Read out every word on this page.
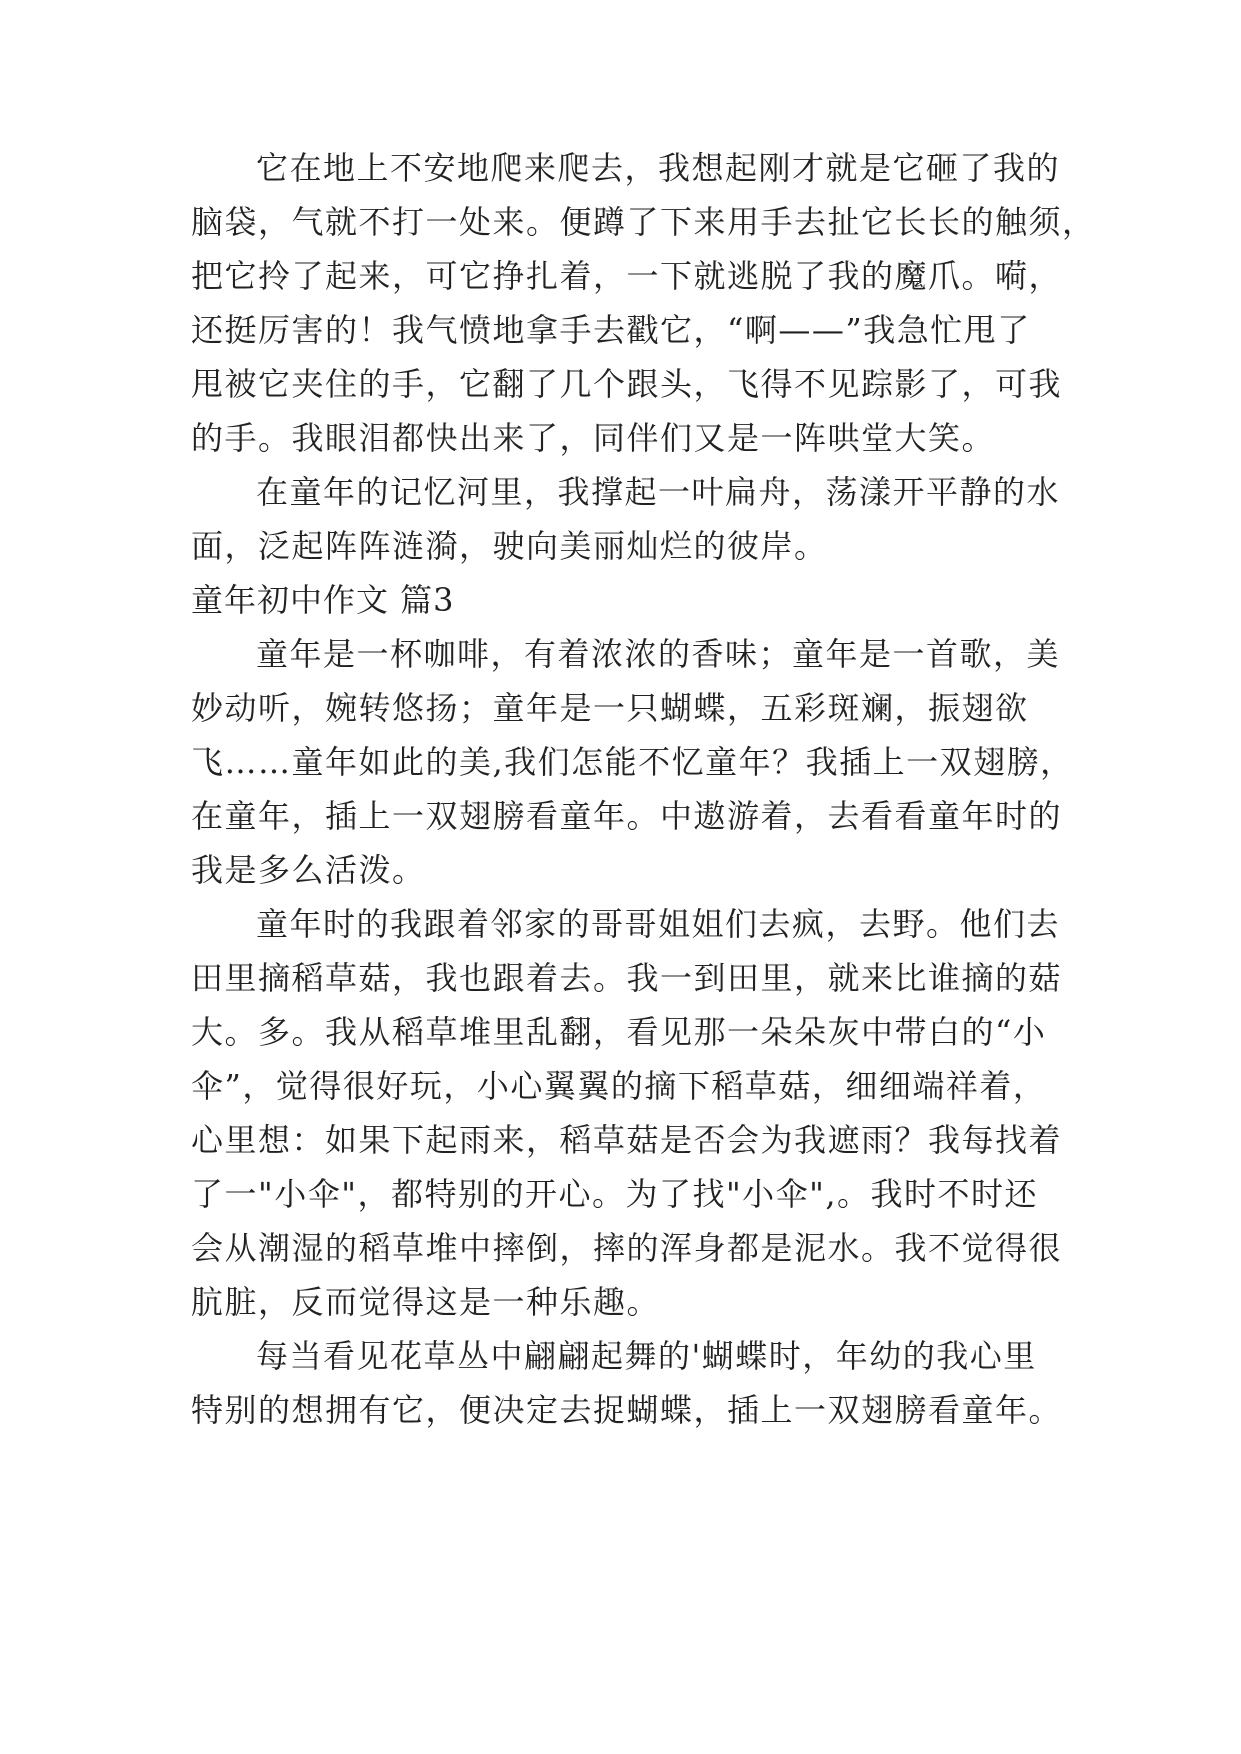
它在地上不安地爬来爬去，我想起刚才就是它砸了我的
脑袋，气就不打一处来。便蹲了下来用手去扯它长长的触须，
把它拎了起来，可它挣扎着，一下就逃脱了我的魔爪。嗬，
还挺厉害的！我气愤地拿手去戳它，“啊——”我急忙甩了
甩被它夹住的手，它翻了几个跟头，飞得不见踪影了，可我
的手。我眼泪都快出来了，同伴们又是一阵哄堂大笑。
在童年的记忆河里，我撑起一叶扁舟，荡漾开平静的水
面，泛起阵阵涟漪，驶向美丽灿烂的彼岸。
童年初中作文 篇3
童年是一杯咖啡，有着浓浓的香味；童年是一首歌，美
妙动听，婉转悠扬；童年是一只蝴蝶，五彩斑斓，振翅欲
飞……童年如此的美,我们怎能不忆童年？我插上一双翅膀，
在童年，插上一双翅膀看童年。中遨游着，去看看童年时的
我是多么活泼。
童年时的我跟着邻家的哥哥姐姐们去疯，去野。他们去
田里摘稻草菇，我也跟着去。我一到田里，就来比谁摘的菇
大。多。我从稻草堆里乱翻，看见那一朵朵灰中带白的“小
伞”，觉得很好玩，小心翼翼的摘下稻草菇，细细端祥着，
心里想：如果下起雨来，稻草菇是否会为我遮雨？我每找着
了一"小伞"，都特别的开心。为了找"小伞",。我时不时还
会从潮湿的稻草堆中摔倒，摔的浑身都是泥水。我不觉得很
肮脏，反而觉得这是一种乐趣。
每当看见花草丛中翩翩起舞的'蝴蝶时，年幼的我心里
特别的想拥有它，便决定去捉蝴蝶，插上一双翅膀看童年。
